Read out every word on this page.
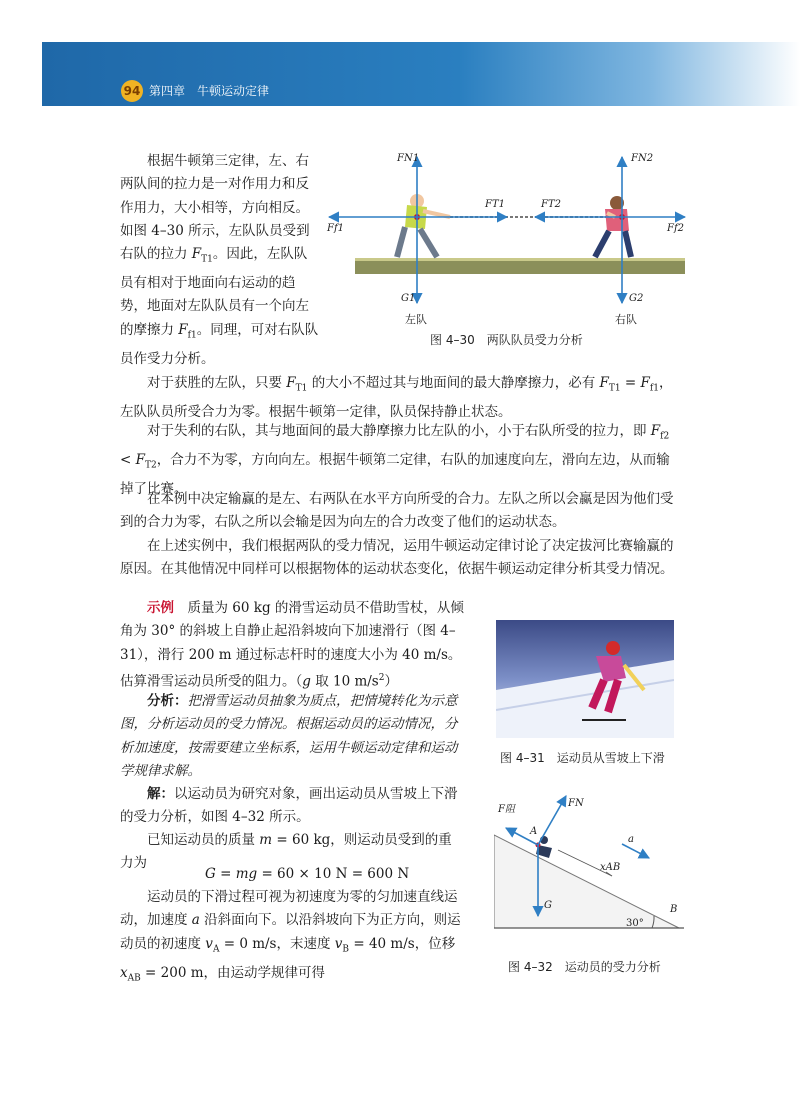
94 第四章　牛顿运动定律

根据牛顿第三定律，左、右两队间的拉力是一对作用力和反作用力，大小相等，方向相反。如图 4–30 所示，左队队员受到右队的拉力 $F_{T1}$。因此，左队队员有相对于地面向右运动的趋势，地面对左队队员有一个向左的摩擦力 $F_{f1}$。同理，可对右队队员作受力分析。

FN1	FN2
FT1	FT2
Ff1	Ff2
G1	G2
左队	右队
图 4–30　两队队员受力分析

对于获胜的左队，只要 $F_{T1}$ 的大小不超过其与地面间的最大静摩擦力，必有 $F_{T1} = F_{f1}$，左队队员所受合力为零。根据牛顿第一定律，队员保持静止状态。

对于失利的右队，其与地面间的最大静摩擦力比左队的小，小于右队所受的拉力，即 $F_{f2} < F_{T2}$，合力不为零，方向向左。根据牛顿第二定律，右队的加速度向左，滑向左边，从而输掉了比赛。

在本例中决定输赢的是左、右两队在水平方向所受的合力。左队之所以会赢是因为他们受到的合力为零，右队之所以会输是因为向左的合力改变了他们的运动状态。

在上述实例中，我们根据两队的受力情况，运用牛顿运动定律讨论了决定拔河比赛输赢的原因。在其他情况中同样可以根据物体的运动状态变化，依据牛顿运动定律分析其受力情况。

示例　质量为 60 kg 的滑雪运动员不借助雪杖，从倾角为 30° 的斜坡上自静止起沿斜坡向下加速滑行（图 4–31），滑行 200 m 通过标志杆时的速度大小为 40 m/s。估算滑雪运动员所受的阻力。（g 取 10 $m/s^2$）

分析：把滑雪运动员抽象为质点，把情境转化为示意图，分析运动员的受力情况。根据运动员的运动情况，分析加速度，按需要建立坐标系，运用牛顿运动定律和运动学规律求解。

解：以运动员为研究对象，画出运动员从雪坡上下滑的受力分析，如图 4–32 所示。

已知运动员的质量 m = 60 kg，则运动员受到的重力为

G = mg = 60 × 10 N = 600 N

运动员的下滑过程可视为初速度为零的匀加速直线运动，加速度 a 沿斜面向下。以沿斜坡向下为正方向，则运动员的初速度 $v_A = 0$ m/s，末速度 $v_B = 40$ m/s，位移 $x_{AB} = 200$ m，由运动学规律可得

图 4–31　运动员从雪坡上下滑
F阻
FN
A
a
xAB
G	B
30°
图 4–32　运动员的受力分析
